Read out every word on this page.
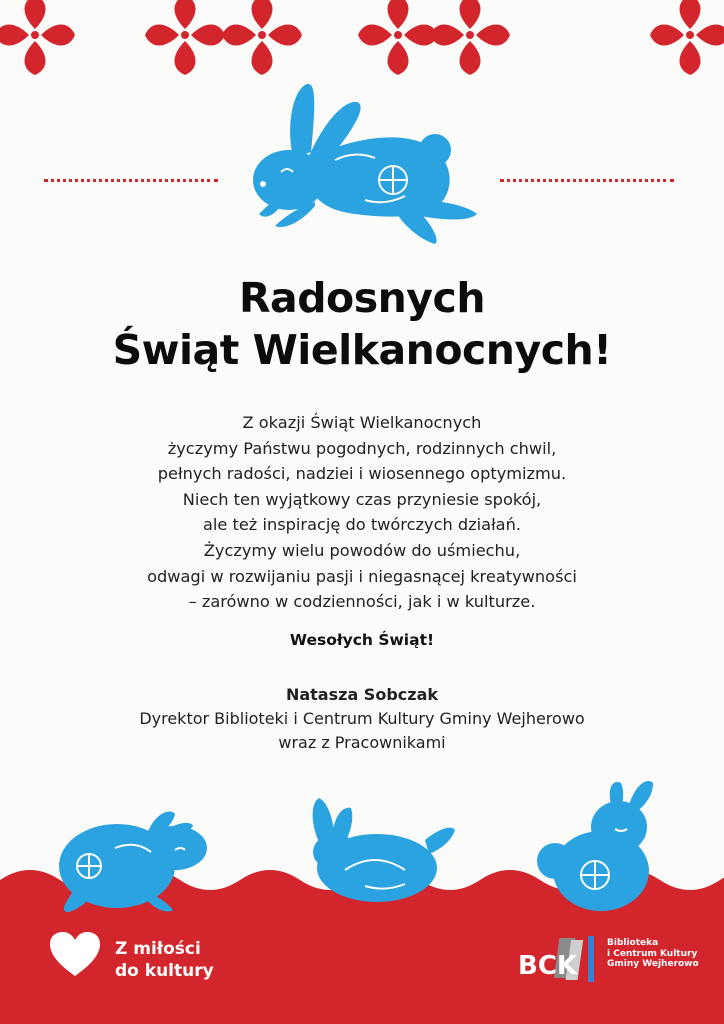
Radosnych
Świąt Wielkanocnych!
Z okazji Świąt Wielkanocnych
życzymy Państwu pogodnych, rodzinnych chwil,
pełnych radości, nadziei i wiosennego optymizmu.
Niech ten wyjątkowy czas przyniesie spokój,
ale też inspirację do twórczych działań.
Życzymy wielu powodów do uśmiechu,
odwagi w rozwijaniu pasji i niegasnącej kreatywności
– zarówno w codzienności, jak i w kulturze.
Wesołych Świąt!
Natasza Sobczak
Dyrektor Biblioteki i Centrum Kultury Gminy Wejherowo
wraz z Pracownikami
Z miłości
do kultury	BCK
Biblioteka
i Centrum Kultury
Gminy Wejherowo
